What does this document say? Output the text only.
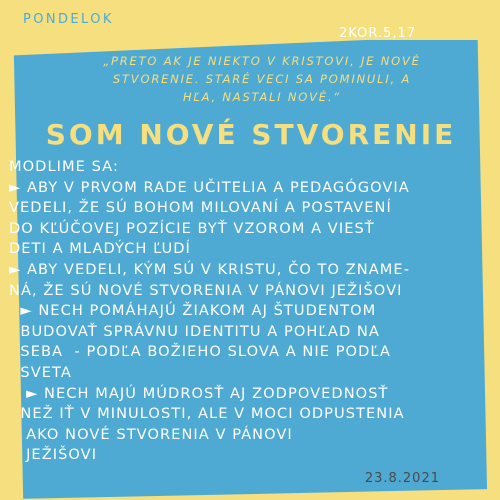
PONDELOK
2KOR.5,17
„PRETO AK JE NIEKTO V KRISTOVI, JE NOVÉ
STVORENIE. STARÉ VECI SA POMINULI, A
HĽA, NASTALI NOVÉ.“
SOM NOVÉ STVORENIE
MODLIME SA:
► ABY V PRVOM RADE UČITELIA A PEDAGÓGOVIA
VEDELI, ŽE SÚ BOHOM MILOVANÍ A POSTAVENÍ
DO KĽÚČOVEJ POZÍCIE BYŤ VZOROM A VIESŤ
DETI A MLADÝCH ĽUDÍ
► ABY VEDELI, KÝM SÚ V KRISTU, ČO TO ZNAME-
NÁ, ŽE SÚ NOVÉ STVORENIA V PÁNOVI JEŽIŠOVI
► NECH POMÁHAJÚ ŽIAKOM AJ ŠTUDENTOM
BUDOVAŤ SPRÁVNU IDENTITU A POHĽAD NA
SEBA  - PODĽA BOŽIEHO SLOVA A NIE PODĽA
SVETA
► NECH MAJÚ MÚDROSŤ AJ ZODPOVEDNOSŤ
NEŽ IŤ V MINULOSTI, ALE V MOCI ODPUSTENIA
AKO NOVÉ STVORENIA V PÁNOVI
JEŽIŠOVI
23.8.2021
